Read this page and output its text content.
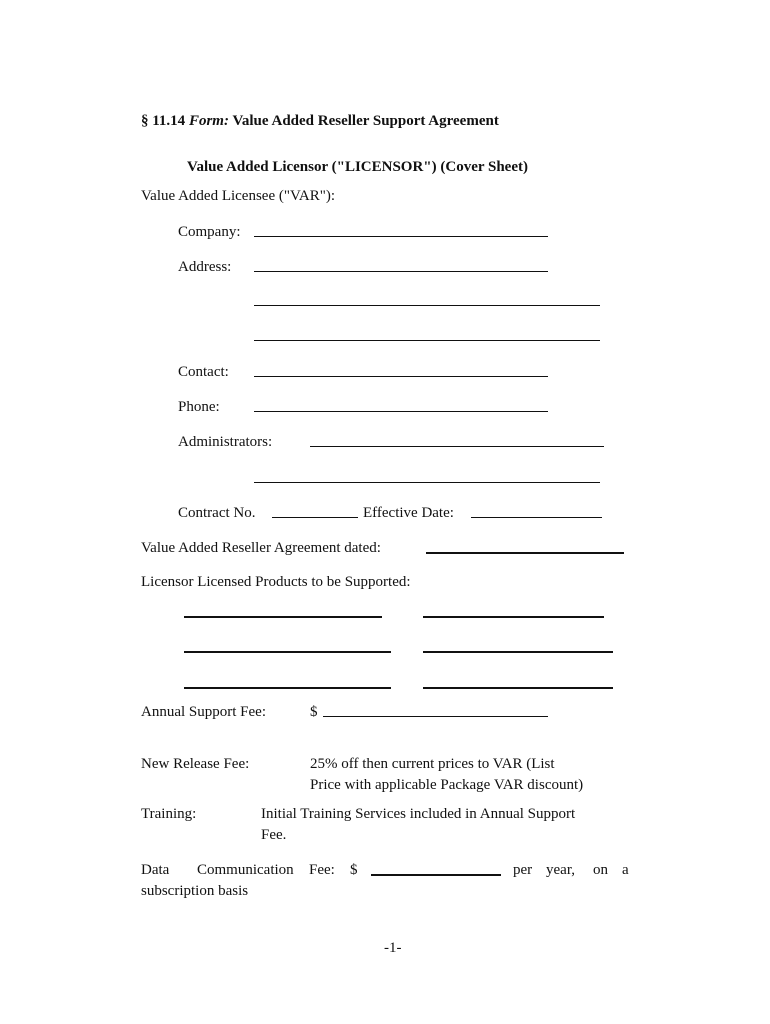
§ 11.14 Form: Value Added Reseller Support Agreement
Value Added Licensor ("LICENSOR") (Cover Sheet)
Value Added Licensee ("VAR"):
Company:
Address:
Contact:
Phone:
Administrators:
Contract No.	Effective Date:
Value Added Reseller Agreement dated:
Licensor Licensed Products to be Supported:
Annual Support Fee:	$
New Release Fee:	25% off then current prices to VAR (List
Price with applicable Package VAR discount)
Training:	Initial Training Services included in Annual Support
Fee.
Data Communication Fee: $	per year, on a
subscription basis
-1-
